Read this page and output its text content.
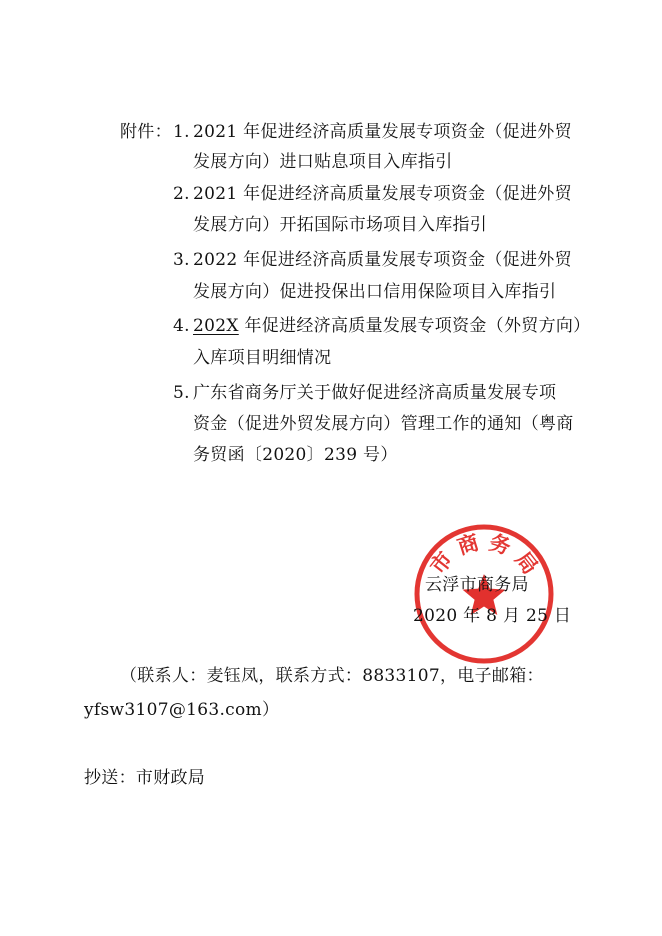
附件： 1. 2021 年促进经济高质量发展专项资金（促进外贸
发展方向）进口贴息项目入库指引
2. 2021 年促进经济高质量发展专项资金（促进外贸
发展方向）开拓国际市场项目入库指引
3. 2022 年促进经济高质量发展专项资金（促进外贸
发展方向）促进投保出口信用保险项目入库指引
4. 202X 年促进经济高质量发展专项资金（外贸方向）
入库项目明细情况
5. 广东省商务厅关于做好促进经济高质量发展专项
资金（促进外贸发展方向）管理工作的通知（粤商
务贸函〔2020〕239 号）
市 商 务 局
云浮市商务局
2020 年 8 月 25 日
（联系人：麦钰凤，联系方式：8833107，电子邮箱：
yfsw3107@163.com）
抄送：市财政局
